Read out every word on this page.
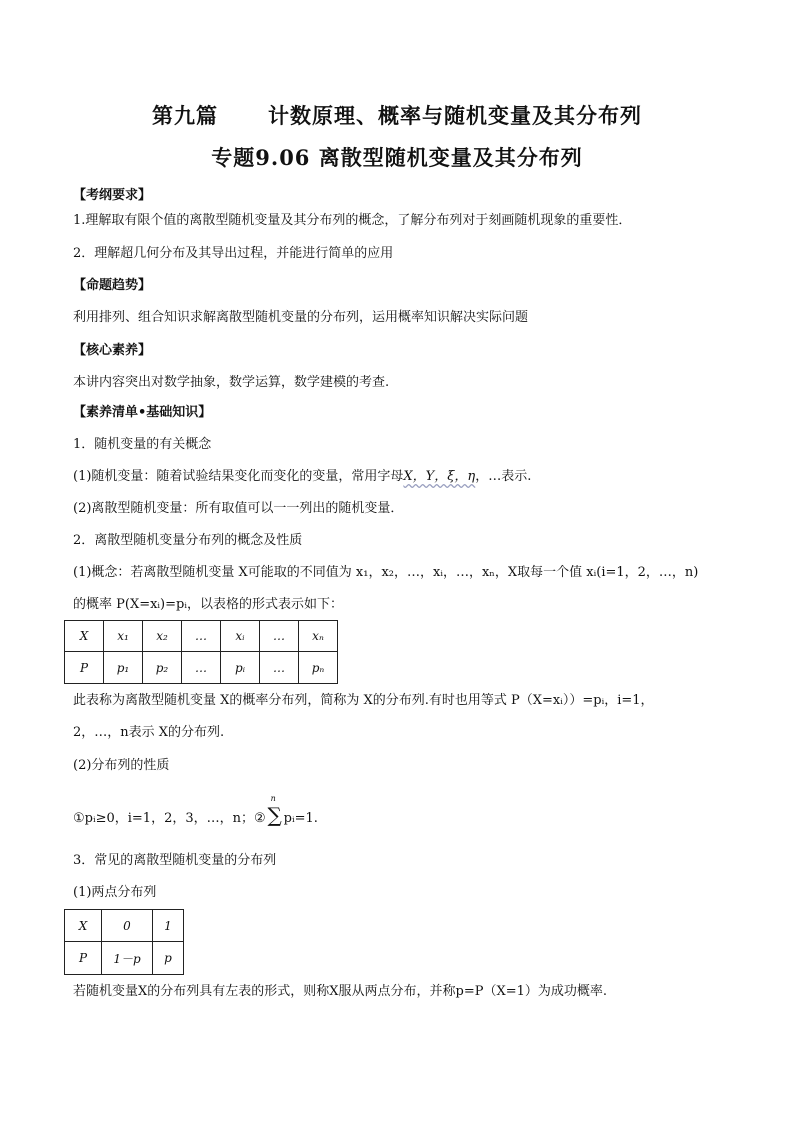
第九篇 计数原理、概率与随机变量及其分布列
专题9.06 离散型随机变量及其分布列
【考纲要求】
1.理解取有限个值的离散型随机变量及其分布列的概念，了解分布列对于刻画随机现象的重要性．
2．理解超几何分布及其导出过程，并能进行简单的应用
【命题趋势】
利用排列、组合知识求解离散型随机变量的分布列，运用概率知识解决实际问题
【核心素养】
本讲内容突出对数学抽象，数学运算，数学建模的考查.
【素养清单•基础知识】
1．随机变量的有关概念
(1)随机变量：随着试验结果变化而变化的变量，常用字母X，Y，ξ，η，…表示.
(2)离散型随机变量：所有取值可以一一列出的随机变量．
2．离散型随机变量分布列的概念及性质
(1)概念：若离散型随机变量 X可能取的不同值为 x₁，x₂，…，xᵢ，…，xₙ，X取每一个值 xᵢ(i=1，2，…，n)
的概率 P(X=xᵢ)=pᵢ，以表格的形式表示如下：
X	x₁	x₂	…	xᵢ	…	xₙ
P	p₁	p₂	…	pᵢ	…	pₙ
此表称为离散型随机变量 X的概率分布列，简称为 X的分布列.有时也用等式 P（X=xᵢ））=pᵢ，i=1，
2，…，n表示 X的分布列.
(2)分布列的性质
①pᵢ≥0，i=1，2，3，…，n；②
n
∑ pᵢ=1.
3．常见的离散型随机变量的分布列
(1)两点分布列
X	0	1
P	1－p	p
若随机变量X的分布列具有左表的形式，则称X服从两点分布，并称p=P（X=1）为成功概率.
